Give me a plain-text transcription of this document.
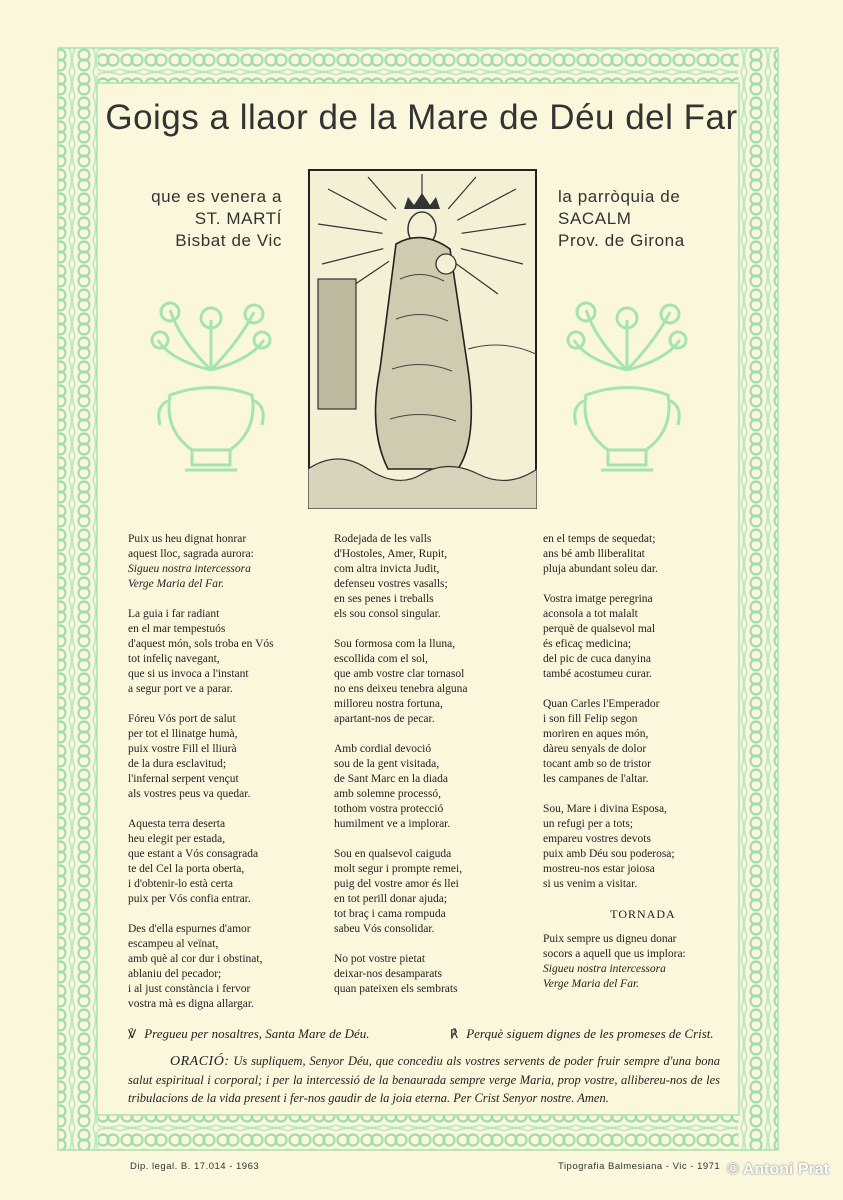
Goigs a llaor de la Mare de Déu del Far
que es venera a
ST. MARTÍ
Bisbat de Vic
la parròquia de
SACALM
Prov. de Girona

Puix us heu dignat honrar
aquest lloc, sagrada aurora:
Sigueu nostra intercessora
Verge Maria del Far.

La guia i far radiant
en el mar tempestuós
d'aquest món, sols troba en Vós
tot infeliç navegant,
que si us invoca a l'instant
a segur port ve a parar.

Fóreu Vós port de salut
per tot el llinatge humà,
puix vostre Fill el lliurà
de la dura esclavitud;
l'infernal serpent vençut
als vostres peus va quedar.

Aquesta terra deserta
heu elegit per estada,
que estant a Vós consagrada
te del Cel la porta oberta,
i d'obtenir-lo està certa
puix per Vós confia entrar.

Des d'ella espurnes d'amor
escampeu al veïnat,
amb què al cor dur i obstinat,
ablaniu del pecador;
i al just constància i fervor
vostra mà es digna allargar.

Rodejada de les valls
d'Hostoles, Amer, Rupit,
com altra invicta Judit,
defenseu vostres vasalls;
en ses penes i treballs
els sou consol singular.

Sou formosa com la lluna,
escollida com el sol,
que amb vostre clar tornasol
no ens deixeu tenebra alguna
milloreu nostra fortuna,
apartant-nos de pecar.

Amb cordial devoció
sou de la gent visitada,
de Sant Marc en la diada
amb solemne processó,
tothom vostra protecció
humilment ve a implorar.

Sou en qualsevol caiguda
molt segur i prompte remei,
puig del vostre amor és llei
en tot perill donar ajuda;
tot braç i cama rompuda
sabeu Vós consolidar.

No pot vostre pietat
deixar-nos desamparats
quan pateixen els sembrats

en el temps de sequedat;
ans bé amb lliberalitat
pluja abundant soleu dar.

Vostra imatge peregrina
aconsola a tot malalt
perquè de qualsevol mal
és eficaç medicina;
del pic de cuca danyina
també acostumeu curar.

Quan Carles l'Emperador
i son fill Felip segon
moriren en aques món,
dàreu senyals de dolor
tocant amb so de tristor
les campanes de l'altar.

Sou, Mare i divina Esposa,
un refugi per a tots;
empareu vostres devots
puix amb Déu sou poderosa;
mostreu-nos estar joiosa
si us venim a visitar.

TORNADA

Puix sempre us digneu donar
socors a aquell que us implora:
Sigueu nostra intercessora
Verge Maria del Far.

℣ Pregueu per nosaltres, Santa Mare de Déu.	℟ Perquè siguem dignes de les promeses de Crist.
ORACIÓ: Us supliquem, Senyor Déu, que concediu als vostres servents de poder fruir sempre d'una bona salut espiritual i corporal; i per la intercessió de la benaurada sempre verge Maria, prop vostre, allibereu-nos de les tribulacions de la vida present i fer-nos gaudir de la joia eterna. Per Crist Senyor nostre. Amen.
Dip. legal. B. 17.014 - 1963	Tipografia Balmesiana - Vic - 1971 © Antoni Prat
